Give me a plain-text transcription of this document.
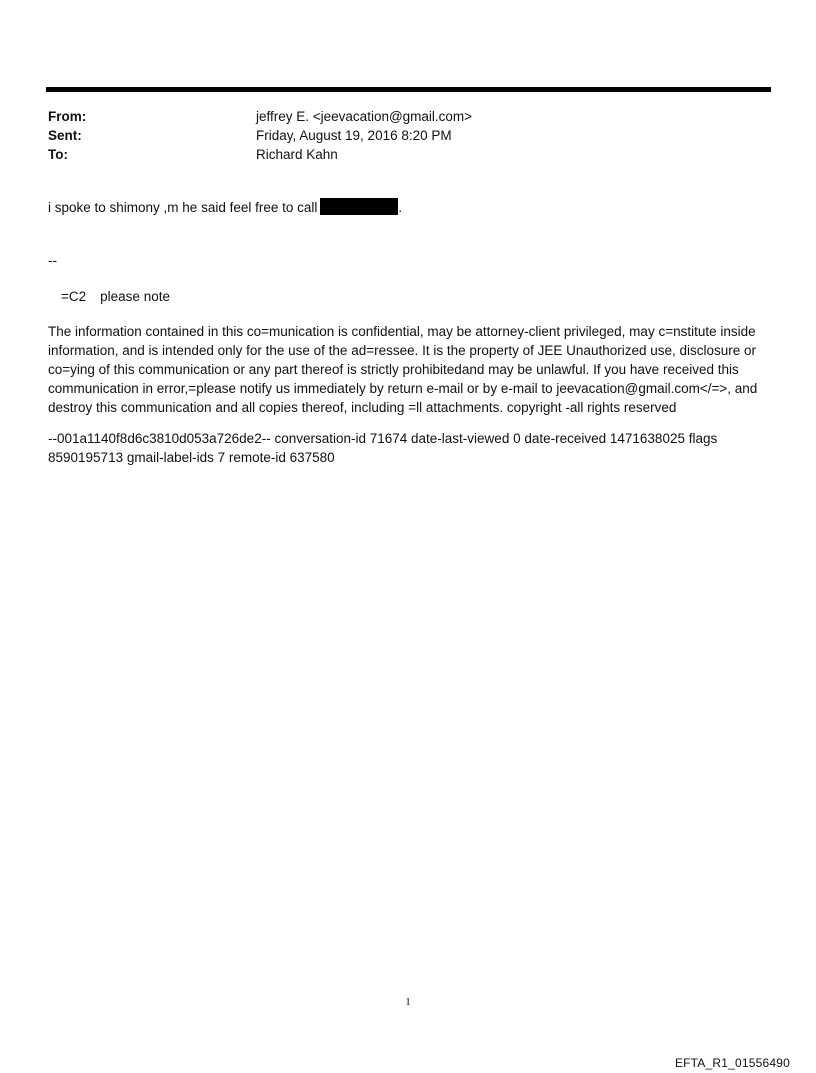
From:	jeffrey E. <jeevacation@gmail.com>
Sent:	Friday, August 19, 2016 8:20 PM
To:	Richard Kahn
i spoke to shimony ,m he said feel free to call	.
--
=C2 please note
The information contained in this co=munication is confidential, may be attorney-client privileged, may c=nstitute inside information, and is intended only for the use of the ad=ressee. It is the property of JEE Unauthorized use, disclosure or co=ying of this communication or any part thereof is strictly prohibitedand may be unlawful. If you have received this communication in error,=please notify us immediately by return e-mail or by e-mail to jeevacation@gmail.com</=>, and destroy this communication and all copies thereof, including =ll attachments. copyright -all rights reserved
--001a1140f8d6c3810d053a726de2-- conversation-id 71674 date-last-viewed 0 date-received 1471638025 flags 8590195713 gmail-label-ids 7 remote-id 637580
1
EFTA_R1_01556490
